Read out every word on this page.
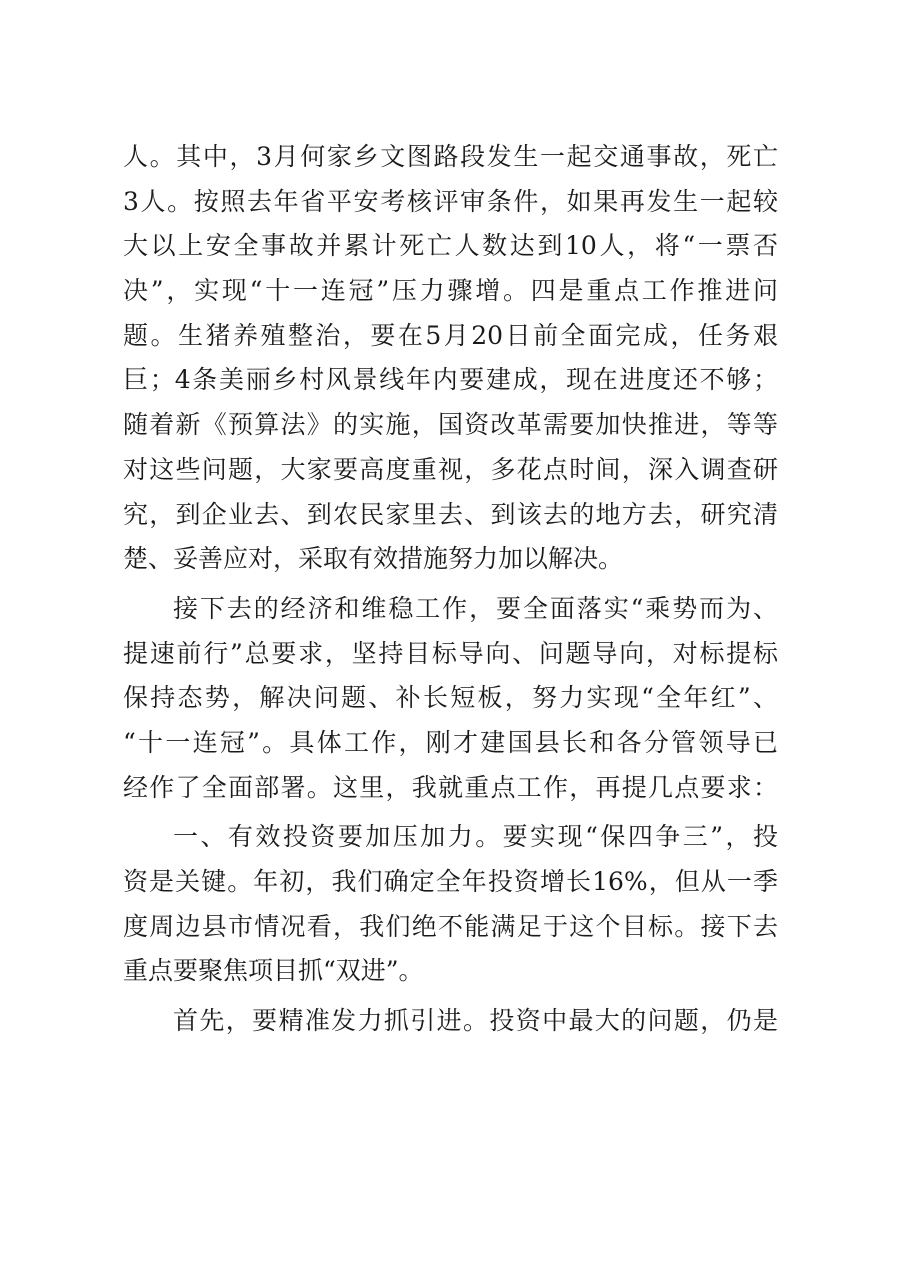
人。其中，3月何家乡文图路段发生一起交通事故，死亡
3人。按照去年省平安考核评审条件，如果再发生一起较
大以上安全事故并累计死亡人数达到10人，将“一票否
决”，实现“十一连冠”压力骤增。四是重点工作推进问
题。生猪养殖整治，要在5月20日前全面完成，任务艰
巨；4条美丽乡村风景线年内要建成，现在进度还不够；
随着新《预算法》的实施，国资改革需要加快推进，等等
对这些问题，大家要高度重视，多花点时间，深入调查研
究，到企业去、到农民家里去、到该去的地方去，研究清
楚、妥善应对，采取有效措施努力加以解决。
接下去的经济和维稳工作，要全面落实“乘势而为、
提速前行”总要求，坚持目标导向、问题导向，对标提标
保持态势，解决问题、补长短板，努力实现“全年红”、
“十一连冠”。具体工作，刚才建国县长和各分管领导已
经作了全面部署。这里，我就重点工作，再提几点要求：
一、有效投资要加压加力。要实现“保四争三”，投
资是关键。年初，我们确定全年投资增长16%，但从一季
度周边县市情况看，我们绝不能满足于这个目标。接下去
重点要聚焦项目抓“双进”。
首先，要精准发力抓引进。投资中最大的问题，仍是
